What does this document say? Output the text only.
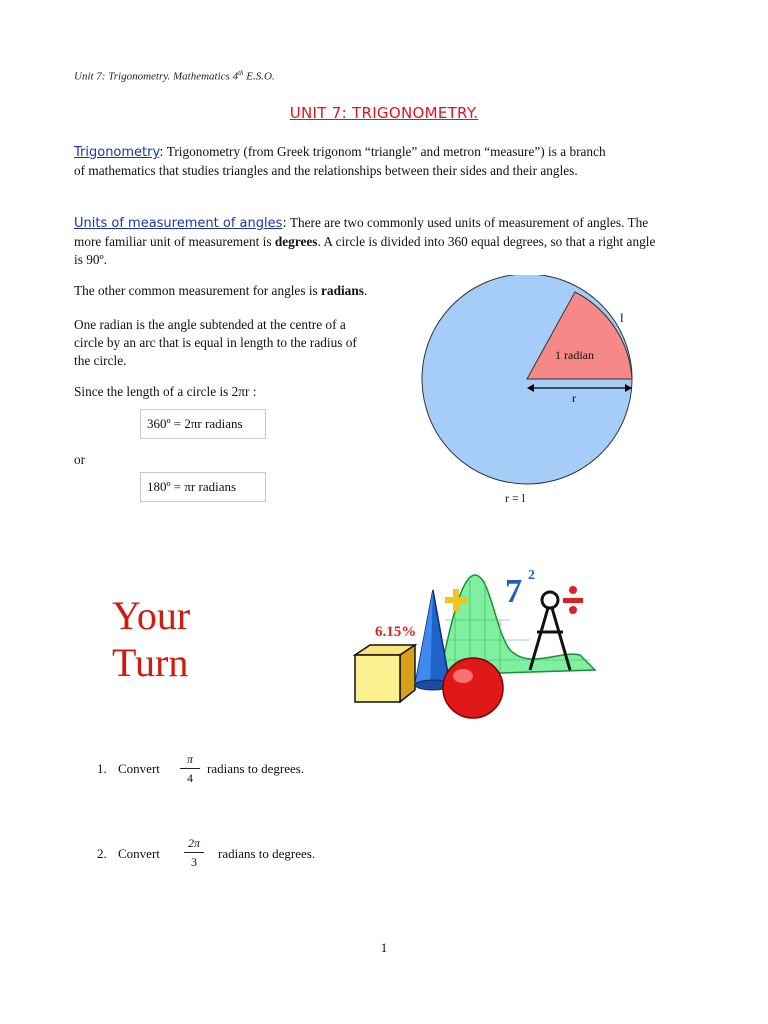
Unit 7: Trigonometry. Mathematics 4th E.S.O.
UNIT 7: TRIGONOMETRY.
Trigonometry: Trigonometry (from Greek trigonom “triangle” and metron “measure”) is a branch
of mathematics that studies triangles and the relationships between their sides and their angles.
Units of measurement of angles: There are two commonly used units of measurement of angles. The more familiar unit of measurement is degrees. A circle is divided into 360 equal degrees, so that a right angle is 90º.
The other common measurement for angles is radians.
One radian is the angle subtended at the centre of a
circle by an arc that is equal in length to the radius of
the circle.
Since the length of a circle is 2πr :
360º = 2πr radians
or
180º = πr radians
1 radian
l
r
r = l
Your
Turn
7 2
6.15%
1. Convert $\frac{\pi}{4}$ radians to degrees.
2. Convert $\frac{2\pi}{3}$ radians to degrees.
1
